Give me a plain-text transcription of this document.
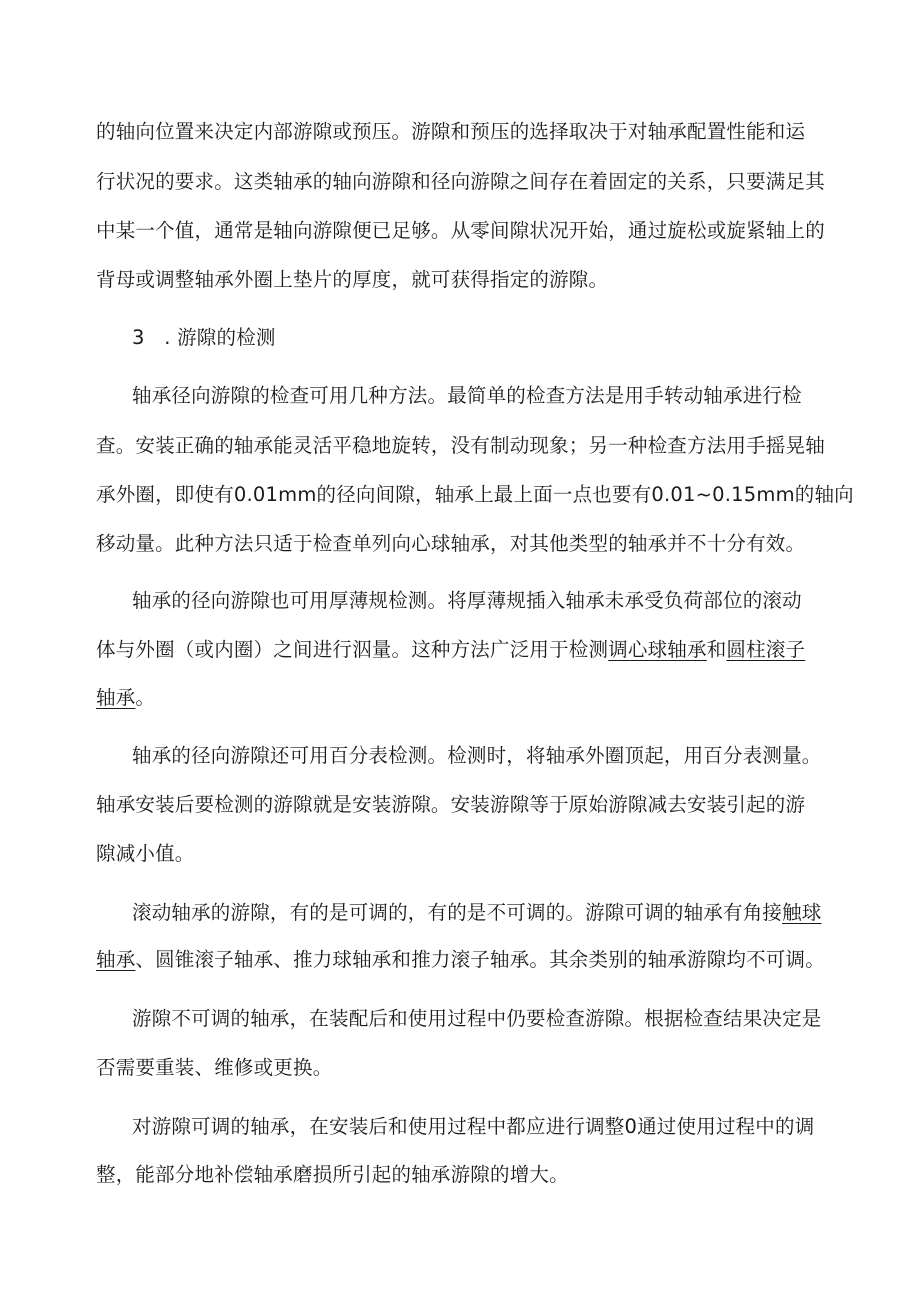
的轴向位置来决定内部游隙或预压。游隙和预压的选择取决于对轴承配置性能和运
行状况的要求。这类轴承的轴向游隙和径向游隙之间存在着固定的关系，只要满足其
中某一个值，通常是轴向游隙便已足够。从零间隙状况开始，通过旋松或旋紧轴上的
背母或调整轴承外圈上垫片的厚度，就可获得指定的游隙。
3　. 游隙的检测
轴承径向游隙的检查可用几种方法。最简单的检查方法是用手转动轴承进行检
查。安装正确的轴承能灵活平稳地旋转，没有制动现象；另一种检查方法用手摇晃轴
承外圈，即使有0.01mm的径向间隙，轴承上最上面一点也要有0.01~0.15mm的轴向
移动量。此种方法只适于检查单列向心球轴承，对其他类型的轴承并不十分有效。
轴承的径向游隙也可用厚薄规检测。将厚薄规插入轴承未承受负荷部位的滚动
体与外圈（或内圈）之间进行泅量。这种方法广泛用于检测调心球轴承和圆柱滚子
轴承。
轴承的径向游隙还可用百分表检测。检测时，将轴承外圈顶起，用百分表测量。
轴承安装后要检测的游隙就是安装游隙。安装游隙等于原始游隙减去安装引起的游
隙减小值。
滚动轴承的游隙，有的是可调的，有的是不可调的。游隙可调的轴承有角接触球
轴承、圆锥滚子轴承、推力球轴承和推力滚子轴承。其余类别的轴承游隙均不可调。
游隙不可调的轴承，在装配后和使用过程中仍要检查游隙。根据检查结果决定是
否需要重装、维修或更换。
对游隙可调的轴承，在安装后和使用过程中都应进行调整0通过使用过程中的调
整，能部分地补偿轴承磨损所引起的轴承游隙的增大。
